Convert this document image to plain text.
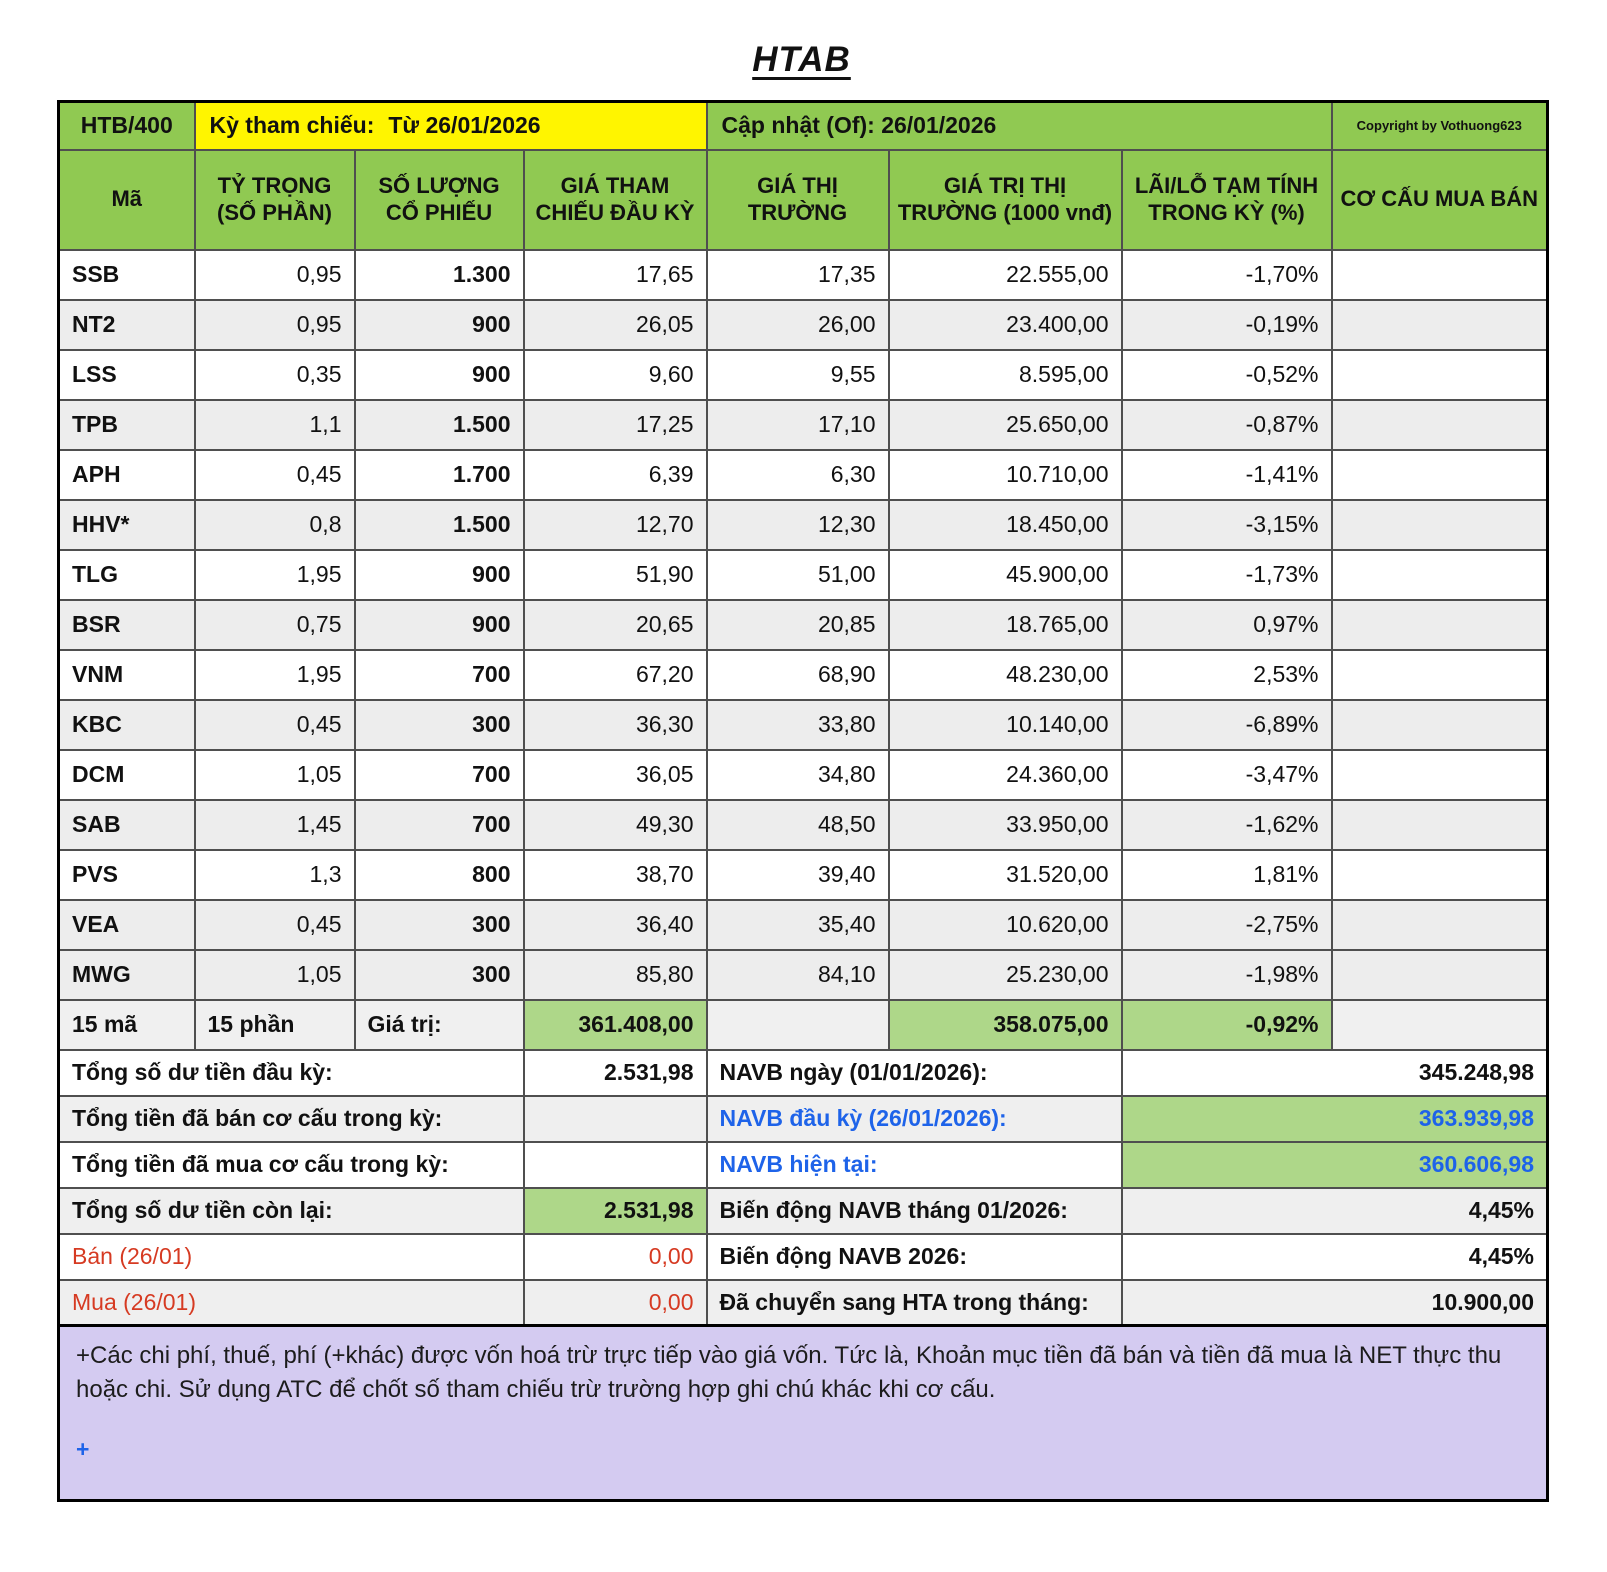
HTAB
HTB/400	Kỳ tham chiếu: Từ 26/01/2026			Cập nhật (Of): 26/01/2026			Copyright by Vothuong623
Mã	TỶ TRỌNG (SỐ PHẦN)	SỐ LƯỢNG CỔ PHIẾU	GIÁ THAM CHIẾU ĐẦU KỲ	GIÁ THỊ TRƯỜNG	GIÁ TRỊ THỊ TRƯỜNG (1000 vnđ)	LÃI/LỖ TẠM TÍNH TRONG KỲ (%)	CƠ CẤU MUA BÁN
SSB	0,95	1.300	17,65	17,35	22.555,00	-1,70%	
NT2	0,95	900	26,05	26,00	23.400,00	-0,19%	
LSS	0,35	900	9,60	9,55	8.595,00	-0,52%	
TPB	1,1	1.500	17,25	17,10	25.650,00	-0,87%	
APH	0,45	1.700	6,39	6,30	10.710,00	-1,41%	
HHV*	0,8	1.500	12,70	12,30	18.450,00	-3,15%	
TLG	1,95	900	51,90	51,00	45.900,00	-1,73%	
BSR	0,75	900	20,65	20,85	18.765,00	0,97%	
VNM	1,95	700	67,20	68,90	48.230,00	2,53%	
KBC	0,45	300	36,30	33,80	10.140,00	-6,89%	
DCM	1,05	700	36,05	34,80	24.360,00	-3,47%	
SAB	1,45	700	49,30	48,50	33.950,00	-1,62%	
PVS	1,3	800	38,70	39,40	31.520,00	1,81%	
VEA	0,45	300	36,40	35,40	10.620,00	-2,75%	
MWG	1,05	300	85,80	84,10	25.230,00	-1,98%	
15 mã	15 phần	Giá trị:	361.408,00		358.075,00	-0,92%	
Tổng số dư tiền đầu kỳ:			2.531,98	NAVB ngày (01/01/2026):		345.248,98	
Tổng tiền đã bán cơ cấu trong kỳ:				NAVB đầu kỳ (26/01/2026):		363.939,98	
Tổng tiền đã mua cơ cấu trong kỳ:				NAVB hiện tại:		360.606,98	
Tổng số dư tiền còn lại:			2.531,98	Biến động NAVB tháng 01/2026:		4,45%	
Bán (26/01)			0,00	Biến động NAVB 2026:		4,45%	
Mua (26/01)			0,00	Đã chuyển sang HTA trong tháng:		10.900,00	

+Các chi phí, thuế, phí (+khác) được vốn hoá trừ trực tiếp vào giá vốn. Tức là, Khoản mục tiền đã bán và tiền đã mua là NET thực thu hoặc chi. Sử dụng ATC để chốt số tham chiếu trừ trường hợp ghi chú khác khi cơ cấu.
+							
